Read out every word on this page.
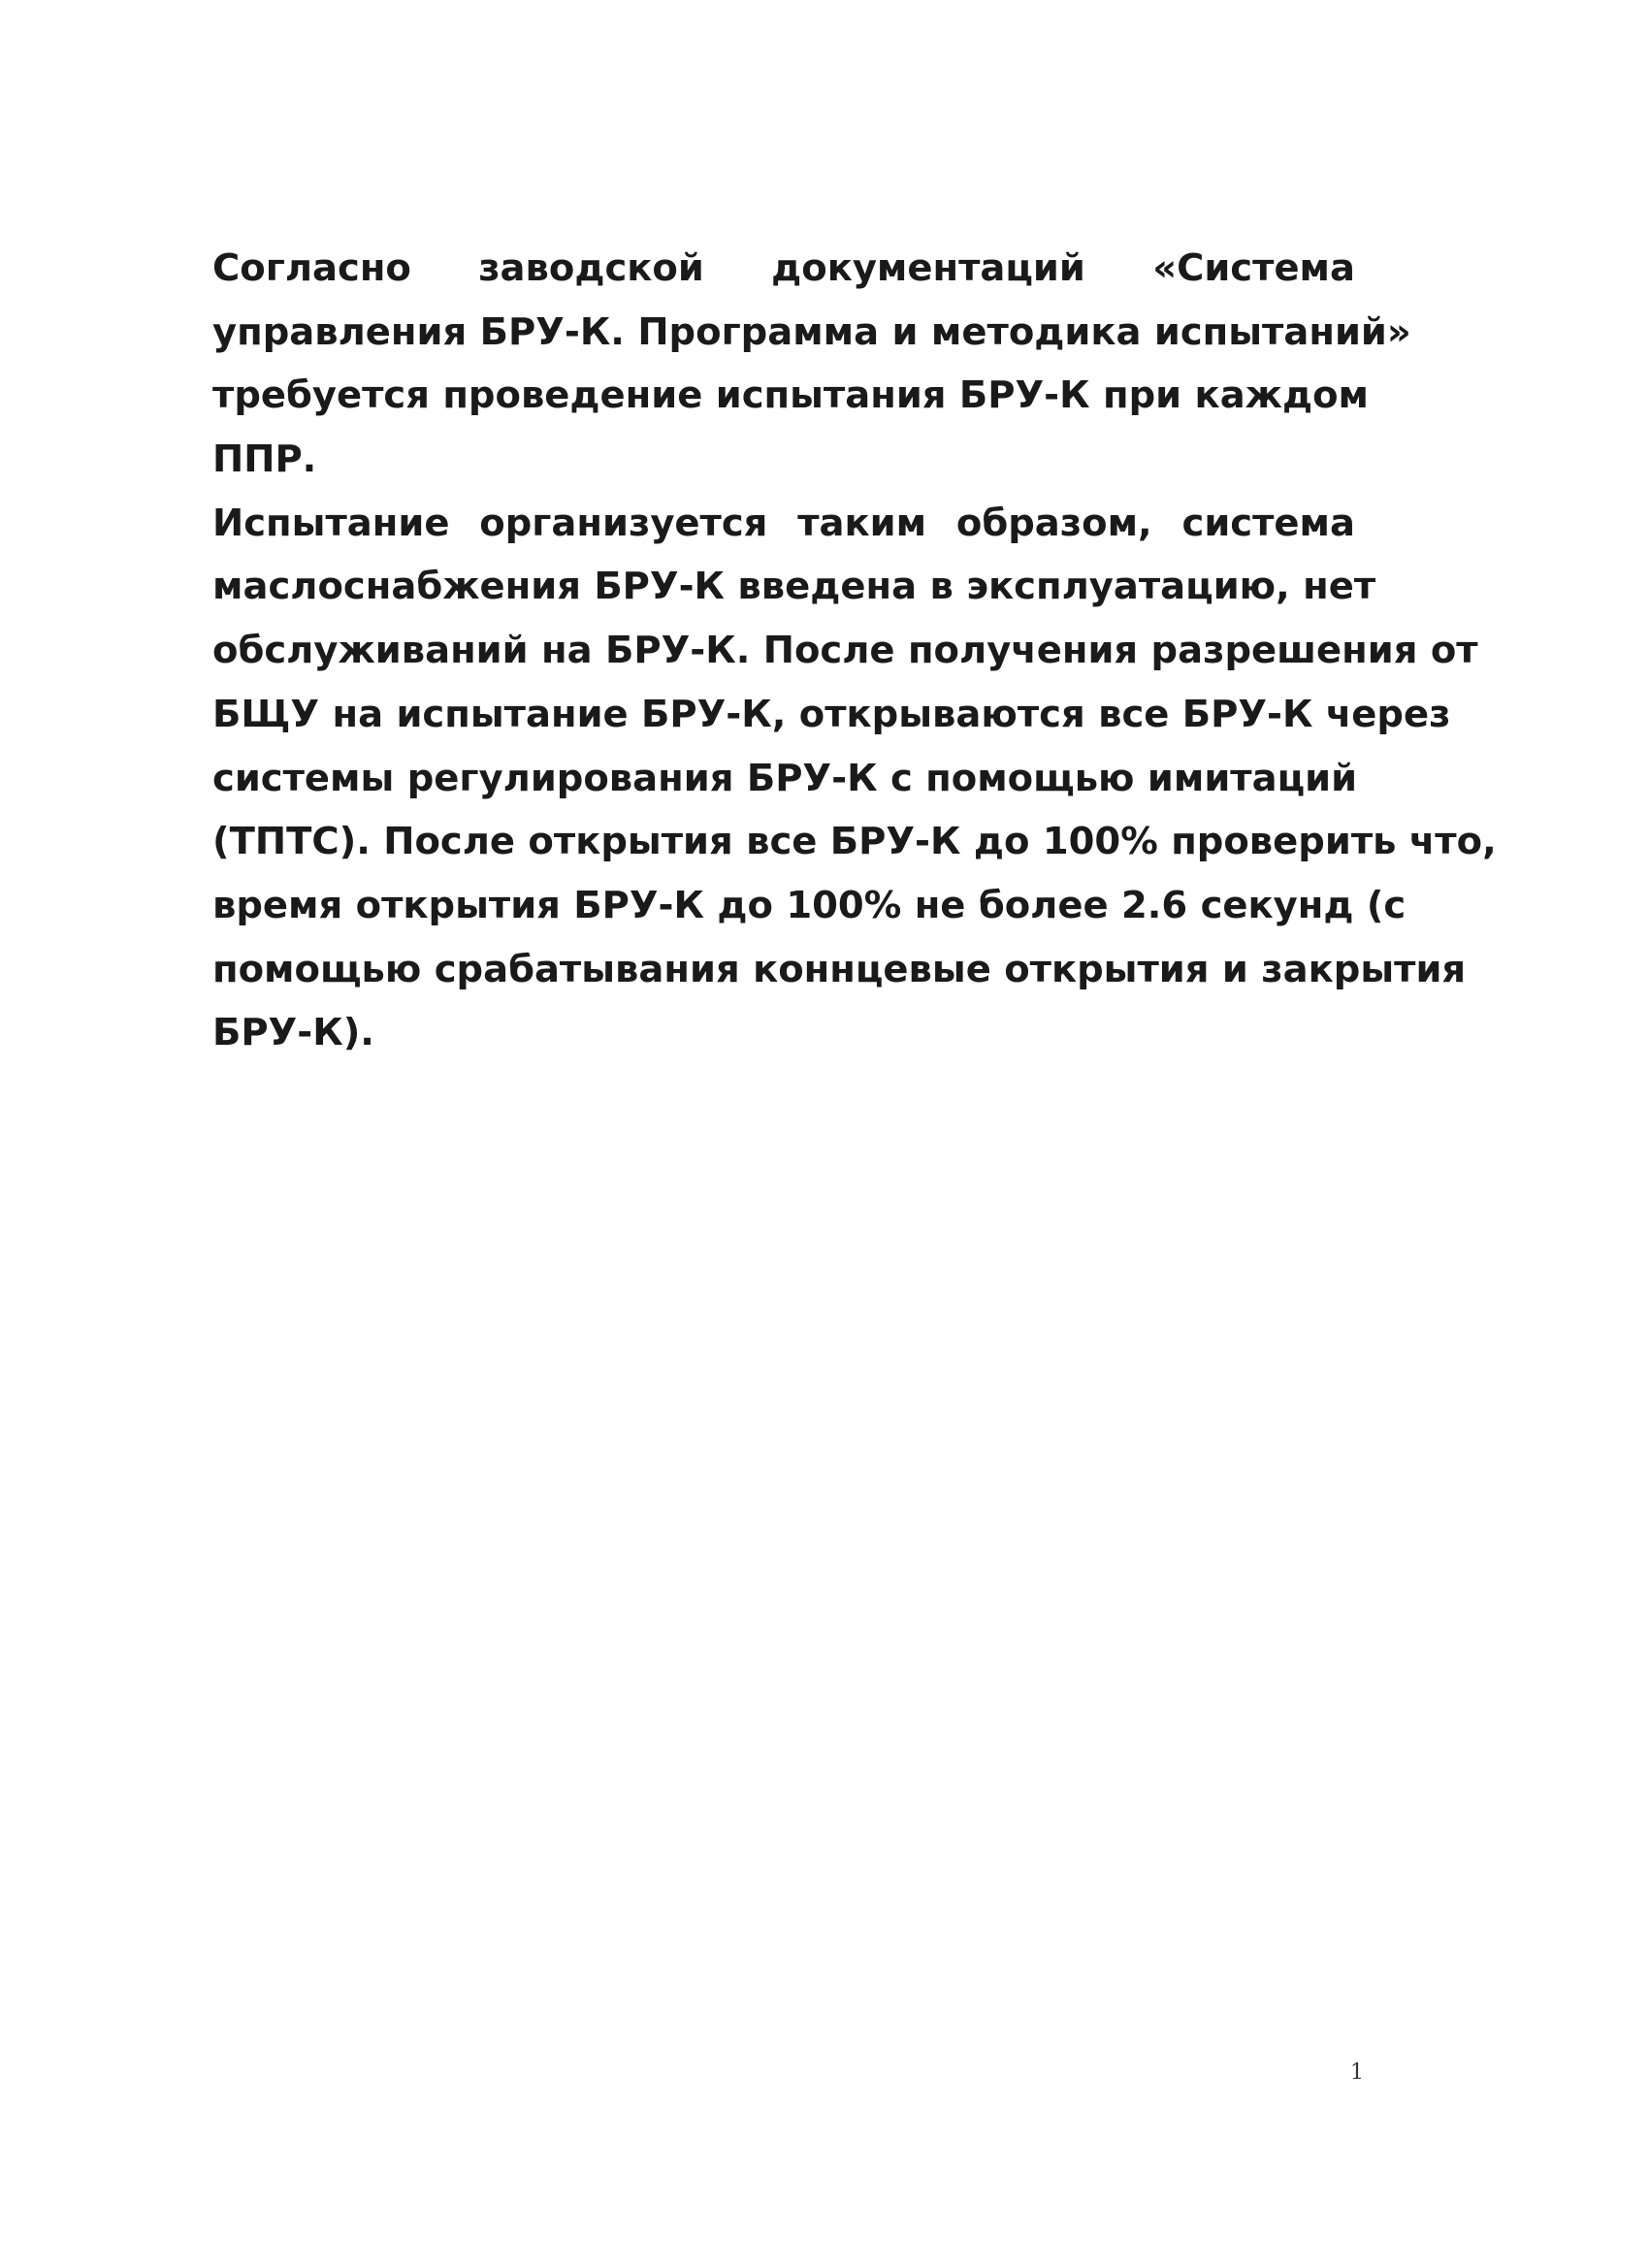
Согласно заводской документаций «Система
управления БРУ-К. Программа и методика испытаний»
требуется проведение испытания БРУ-К при каждом
ППР.
Испытание организуется таким образом, система
маслоснабжения БРУ-К введена в эксплуатацию, нет
обслуживаний на БРУ-К. После получения разрешения от
БЩУ на испытание БРУ-К, открываются все БРУ-К через
системы регулирования БРУ-К с помощью имитаций
(ТПТС). После открытия все БРУ-К до 100% проверить что,
время открытия БРУ-К до 100% не более 2.6 секунд (с
помощью срабатывания коннцевые открытия и закрытия
БРУ-К).
1
